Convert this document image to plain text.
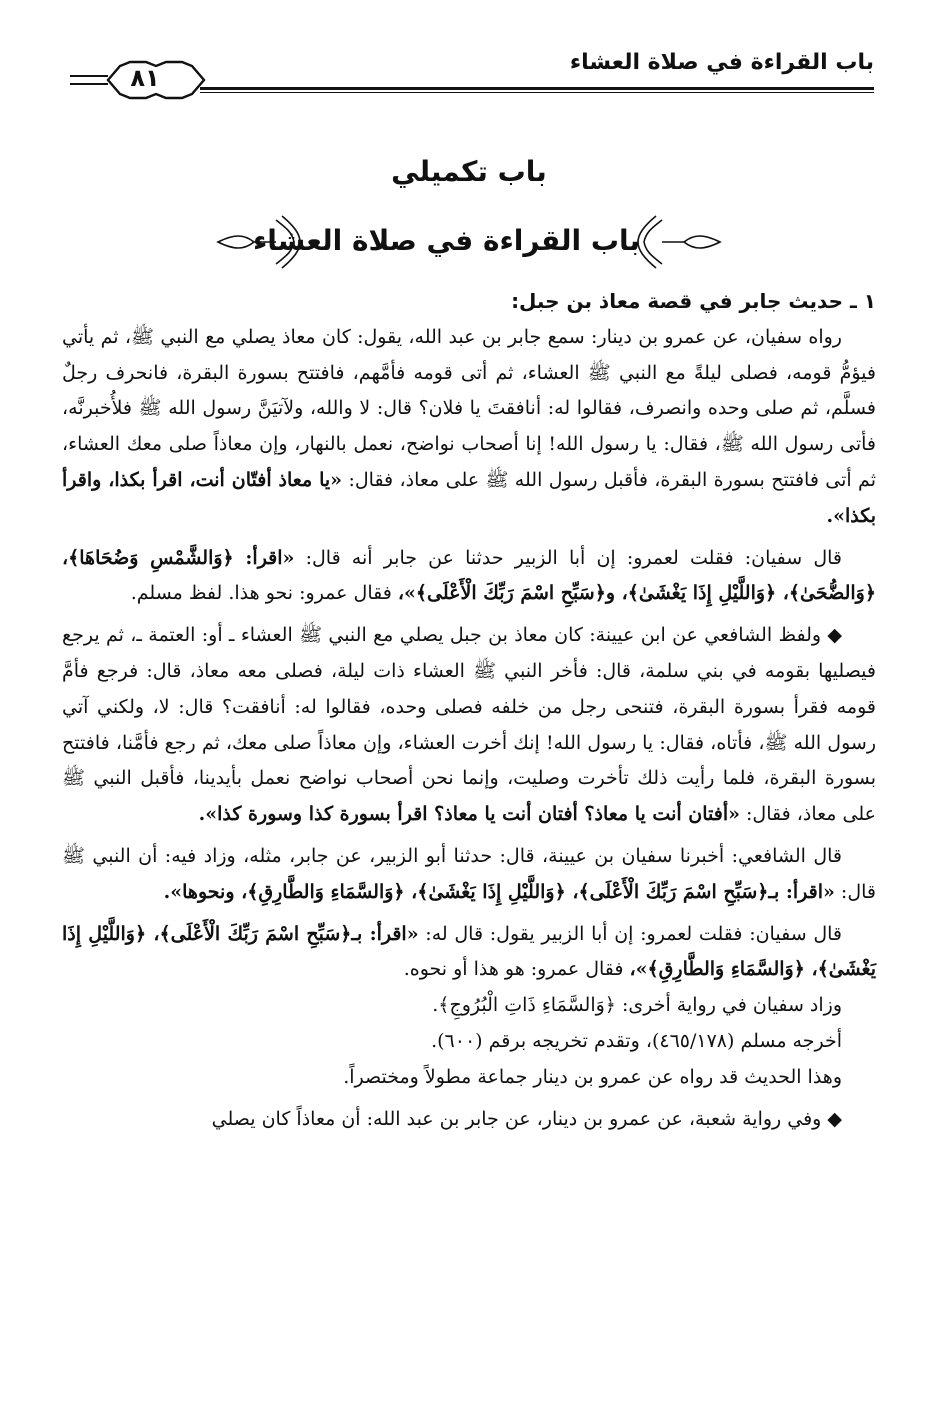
باب القراءة في صلاة العشاء
٨١
باب تكميلي
باب القراءة في صلاة العشاء

١ ـ حديث جابر في قصة معاذ بن جبل:

رواه سفيان، عن عمرو بن دينار: سمع جابر بن عبد الله، يقول: كان معاذ يصلي مع النبي ﷺ، ثم يأتي فيؤمُّ قومه، فصلى ليلةً مع النبي ﷺ العشاء، ثم أتى قومه فأمَّهم، فافتتح بسورة البقرة، فانحرف رجلٌ فسلَّم، ثم صلى وحده وانصرف، فقالوا له: أنافقتَ يا فلان؟ قال: لا والله، ولآتيَنَّ رسول الله ﷺ فلأُخبرنَّه، فأتى رسول الله ﷺ، فقال: يا رسول الله! إنا أصحاب نواضح، نعمل بالنهار، وإن معاذاً صلى معك العشاء، ثم أتى فافتتح بسورة البقرة، فأقبل رسول الله ﷺ على معاذ، فقال: «يا معاذ أفتّان أنت، اقرأ بكذا، واقرأ بكذا».

قال سفيان: فقلت لعمرو: إن أبا الزبير حدثنا عن جابر أنه قال: «اقرأ: ﴿وَالشَّمْسِ وَضُحَاهَا﴾، ﴿وَالضُّحَىٰ﴾، ﴿وَاللَّيْلِ إِذَا يَغْشَىٰ﴾، و﴿سَبِّحِ اسْمَ رَبِّكَ الْأَعْلَى﴾»، فقال عمرو: نحو هذا. لفظ مسلم.

◆ ولفظ الشافعي عن ابن عيينة: كان معاذ بن جبل يصلي مع النبي ﷺ العشاء ـ أو: العتمة ـ، ثم يرجع فيصليها بقومه في بني سلمة، قال: فأخر النبي ﷺ العشاء ذات ليلة، فصلى معه معاذ، قال: فرجع فأمَّ قومه فقرأ بسورة البقرة، فتنحى رجل من خلفه فصلى وحده، فقالوا له: أنافقت؟ قال: لا، ولكني آتي رسول الله ﷺ، فأتاه، فقال: يا رسول الله! إنك أخرت العشاء، وإن معاذاً صلى معك، ثم رجع فأمَّنا، فافتتح بسورة البقرة، فلما رأيت ذلك تأخرت وصليت، وإنما نحن أصحاب نواضح نعمل بأيدينا، فأقبل النبي ﷺ على معاذ، فقال: «أفتان أنت يا معاذ؟ أفتان أنت يا معاذ؟ اقرأ بسورة كذا وسورة كذا».

قال الشافعي: أخبرنا سفيان بن عيينة، قال: حدثنا أبو الزبير، عن جابر، مثله، وزاد فيه: أن النبي ﷺ قال: «اقرأ: بـ﴿سَبِّحِ اسْمَ رَبِّكَ الْأَعْلَى﴾، ﴿وَاللَّيْلِ إِذَا يَغْشَىٰ﴾، ﴿وَالسَّمَاءِ وَالطَّارِقِ﴾، ونحوها».

قال سفيان: فقلت لعمرو: إن أبا الزبير يقول: قال له: «اقرأ: بـ﴿سَبِّحِ اسْمَ رَبِّكَ الْأَعْلَى﴾، ﴿وَاللَّيْلِ إِذَا يَغْشَىٰ﴾، ﴿وَالسَّمَاءِ وَالطَّارِقِ﴾»، فقال عمرو: هو هذا أو نحوه.

وزاد سفيان في رواية أخرى: ﴿وَالسَّمَاءِ ذَاتِ الْبُرُوجِ﴾.

أخرجه مسلم (٤٦٥/١٧٨)، وتقدم تخريجه برقم (٦٠٠).

وهذا الحديث قد رواه عن عمرو بن دينار جماعة مطولاً ومختصراً.

◆ وفي رواية شعبة، عن عمرو بن دينار، عن جابر بن عبد الله: أن معاذاً كان يصلي
